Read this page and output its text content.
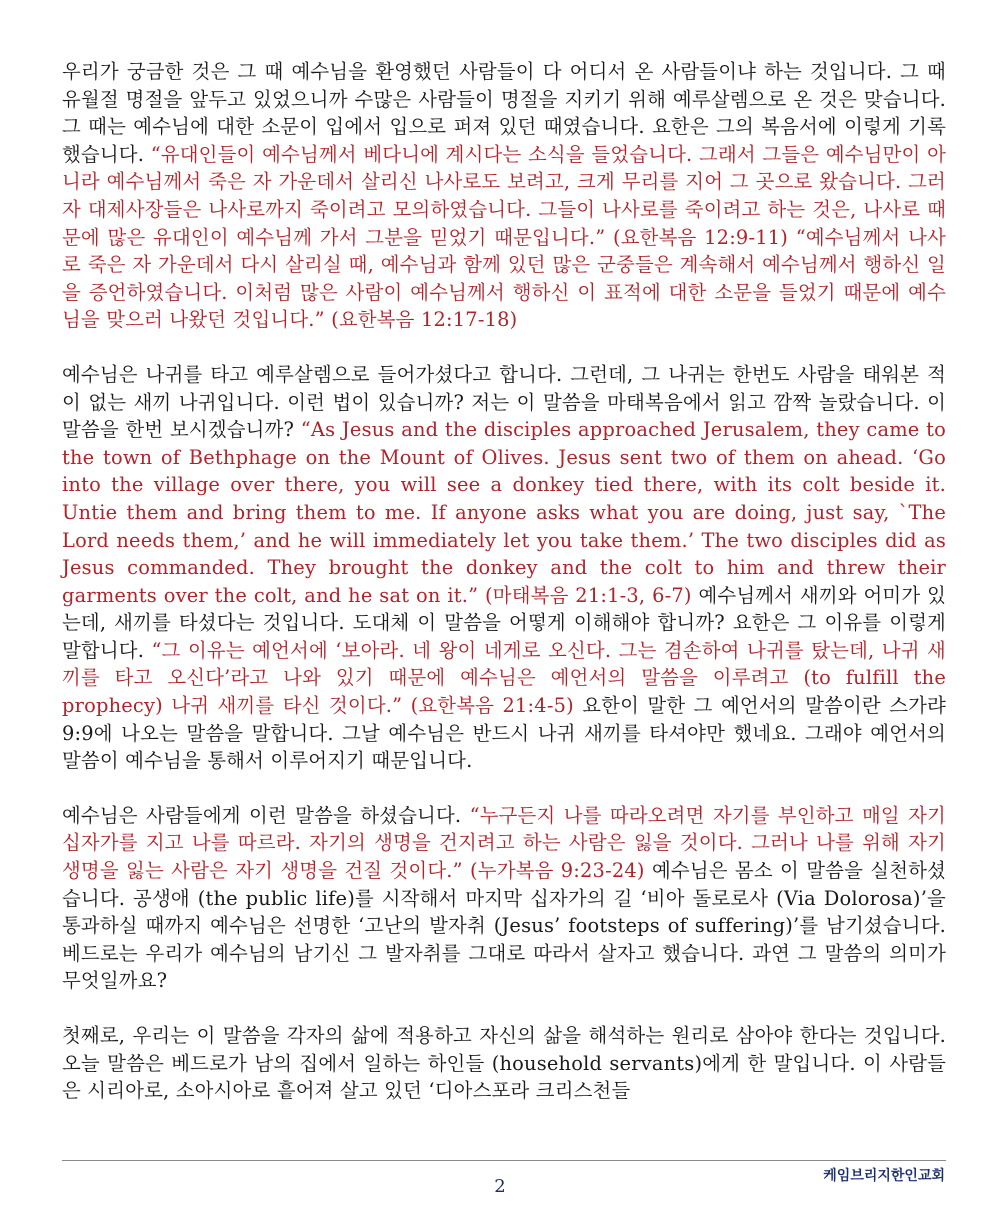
우리가 궁금한 것은 그 때 예수님을 환영했던 사람들이 다 어디서 온 사람들이냐 하는 것입니다. 그 때 유월절 명절을 앞두고 있었으니까 수많은 사람들이 명절을 지키기 위해 예루살렘으로 온 것은 맞습니다. 그 때는 예수님에 대한 소문이 입에서 입으로 퍼져 있던 때였습니다. 요한은 그의 복음서에 이렇게 기록했습니다. “유대인들이 예수님께서 베다니에 계시다는 소식을 들었습니다. 그래서 그들은 예수님만이 아니라 예수님께서 죽은 자 가운데서 살리신 나사로도 보려고, 크게 무리를 지어 그 곳으로 왔습니다. 그러자 대제사장들은 나사로까지 죽이려고 모의하였습니다. 그들이 나사로를 죽이려고 하는 것은, 나사로 때문에 많은 유대인이 예수님께 가서 그분을 믿었기 때문입니다.” (요한복음 12:9-11) “예수님께서 나사로 죽은 자 가운데서 다시 살리실 때, 예수님과 함께 있던 많은 군중들은 계속해서 예수님께서 행하신 일을 증언하였습니다. 이처럼 많은 사람이 예수님께서 행하신 이 표적에 대한 소문을 들었기 때문에 예수님을 맞으러 나왔던 것입니다.” (요한복음 12:17-18)

예수님은 나귀를 타고 예루살렘으로 들어가셨다고 합니다. 그런데, 그 나귀는 한번도 사람을 태워본 적이 없는 새끼 나귀입니다. 이런 법이 있습니까? 저는 이 말씀을 마태복음에서 읽고 깜짝 놀랐습니다. 이 말씀을 한번 보시겠습니까? “As Jesus and the disciples approached Jerusalem, they came to the town of Bethphage on the Mount of Olives. Jesus sent two of them on ahead. ‘Go into the village over there, you will see a donkey tied there, with its colt beside it. Untie them and bring them to me. If anyone asks what you are doing, just say, `The Lord needs them,’ and he will immediately let you take them.’ The two disciples did as Jesus commanded. They brought the donkey and the colt to him and threw their garments over the colt, and he sat on it.” (마태복음 21:1-3, 6-7) 예수님께서 새끼와 어미가 있는데, 새끼를 타셨다는 것입니다. 도대체 이 말씀을 어떻게 이해해야 합니까? 요한은 그 이유를 이렇게 말합니다. “그 이유는 예언서에 ‘보아라. 네 왕이 네게로 오신다. 그는 겸손하여 나귀를 탔는데, 나귀 새끼를 타고 오신다’라고 나와 있기 때문에 예수님은 예언서의 말씀을 이루려고 (to fulfill the prophecy) 나귀 새끼를 타신 것이다.” (요한복음 21:4-5) 요한이 말한 그 예언서의 말씀이란 스가랴 9:9에 나오는 말씀을 말합니다. 그날 예수님은 반드시 나귀 새끼를 타셔야만 했네요. 그래야 예언서의 말씀이 예수님을 통해서 이루어지기 때문입니다.

예수님은 사람들에게 이런 말씀을 하셨습니다. “누구든지 나를 따라오려면 자기를 부인하고 매일 자기 십자가를 지고 나를 따르라. 자기의 생명을 건지려고 하는 사람은 잃을 것이다. 그러나 나를 위해 자기 생명을 잃는 사람은 자기 생명을 건질 것이다.” (누가복음 9:23-24) 예수님은 몸소 이 말씀을 실천하셨습니다. 공생애 (the public life)를 시작해서 마지막 십자가의 길 ‘비아 돌로로사 (Via Dolorosa)’을 통과하실 때까지 예수님은 선명한 ‘고난의 발자취 (Jesus’ footsteps of suffering)’를 남기셨습니다. 베드로는 우리가 예수님의 남기신 그 발자취를 그대로 따라서 살자고 했습니다. 과연 그 말씀의 의미가 무엇일까요?

첫째로, 우리는 이 말씀을 각자의 삶에 적용하고 자신의 삶을 해석하는 원리로 삼아야 한다는 것입니다. 오늘 말씀은 베드로가 남의 집에서 일하는 하인들 (household servants)에게 한 말입니다. 이 사람들은 시리아로, 소아시아로 흩어져 살고 있던 ‘디아스포라 크리스천들

2	케임브리지한인교회
